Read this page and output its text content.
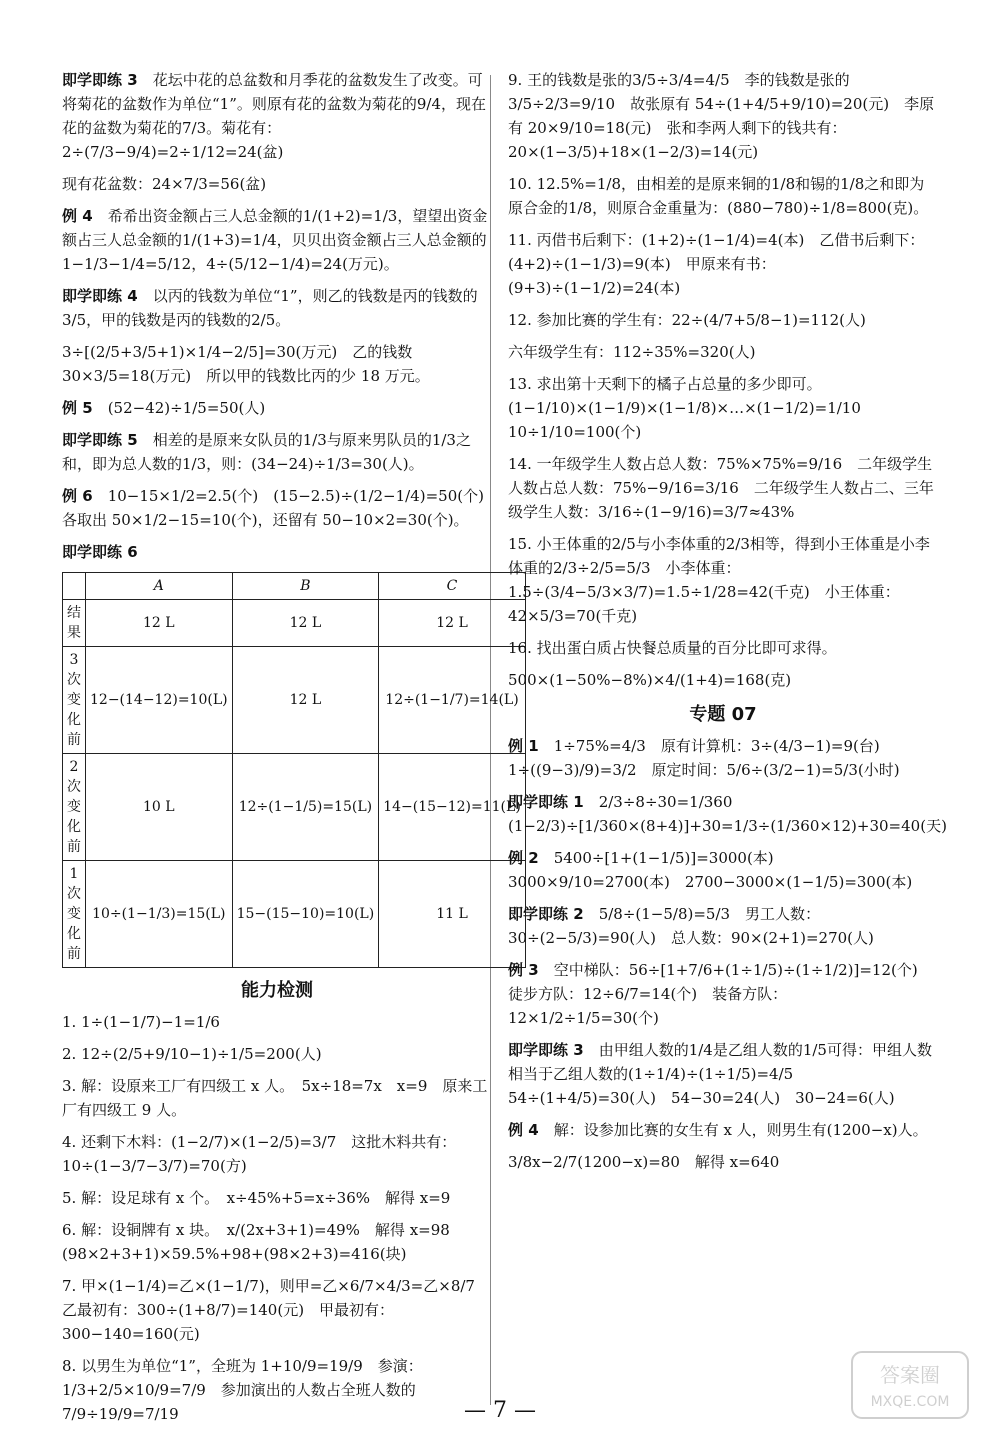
即学即练 3　 花坛中花的总盆数和月季花的盆数发生了改变。可将菊花的盆数作为单位“1”。则原有花的盆数为菊花的9/4，现在花的盆数为菊花的7/3。菊花有：2÷(7/3−9/4)=2÷1/12=24(盆)

现有花盆数：24×7/3=56(盆)

例 4　 希希出资金额占三人总金额的1/(1+2)=1/3，望望出资金额占三人总金额的1/(1+3)=1/4，贝贝出资金额占三人总金额的1−1/3−1/4=5/12，4÷(5/12−1/4)=24(万元)。

即学即练 4　 以丙的钱数为单位“1”，则乙的钱数是丙的钱数的3/5，甲的钱数是丙的钱数的2/5。

3÷[(2/5+3/5+1)×1/4−2/5]=30(万元)　乙的钱数 30×3/5=18(万元)　所以甲的钱数比丙的少 18 万元。

例 5　 (52−42)÷1/5=50(人)

即学即练 5　 相差的是原来女队员的1/3与原来男队员的1/3之和，即为总人数的1/3，则：(34−24)÷1/3=30(人)。

例 6　 10−15×1/2=2.5(个)　(15−2.5)÷(1/2−1/4)=50(个)　各取出 50×1/2−15=10(个)，还留有 50−10×2=30(个)。

即学即练 6
	A	B	C
结果	12 L	12 L	12 L
3 次变化前	12−(14−12)=10(L)	12 L	12÷(1−1/7)=14(L)
2 次变化前	10 L	12÷(1−1/5)=15(L)	14−(15−12)=11(L)
1 次变化前	10÷(1−1/3)=15(L)	15−(15−10)=10(L)	11 L
能力检测

1. 1÷(1−1/7)−1=1/6

2. 12÷(2/5+9/10−1)÷1/5=200(人)

3. 解：设原来工厂有四级工 x 人。　5x÷18=7x　x=9　原来工厂有四级工 9 人。

4. 还剩下木料：(1−2/7)×(1−2/5)=3/7　这批木料共有：10÷(1−3/7−3/7)=70(方)

5. 解：设足球有 x 个。　x÷45%+5=x÷36%　解得 x=9

6. 解：设铜牌有 x 块。　x/(2x+3+1)=49%　解得 x=98　(98×2+3+1)×59.5%+98+(98×2+3)=416(块)

7. 甲×(1−1/4)=乙×(1−1/7)，则甲=乙×6/7×4/3=乙×8/7　乙最初有：300÷(1+8/7)=140(元)　甲最初有：300−140=160(元)

8. 以男生为单位“1”，全班为 1+10/9=19/9　参演：1/3+2/5×10/9=7/9　参加演出的人数占全班人数的7/9÷19/9=7/19

9. 王的钱数是张的3/5÷3/4=4/5　李的钱数是张的3/5÷2/3=9/10　故张原有 54÷(1+4/5+9/10)=20(元)　李原有 20×9/10=18(元)　张和李两人剩下的钱共有：20×(1−3/5)+18×(1−2/3)=14(元)

10. 12.5%=1/8，由相差的是原来铜的1/8和锡的1/8之和即为原合金的1/8，则原合金重量为：(880−780)÷1/8=800(克)。

11. 丙借书后剩下：(1+2)÷(1−1/4)=4(本)　乙借书后剩下：(4+2)÷(1−1/3)=9(本)　甲原来有书：(9+3)÷(1−1/2)=24(本)

12. 参加比赛的学生有：22÷(4/7+5/8−1)=112(人)

六年级学生有：112÷35%=320(人)

13. 求出第十天剩下的橘子占总量的多少即可。(1−1/10)×(1−1/9)×(1−1/8)×…×(1−1/2)=1/10　10÷1/10=100(个)

14. 一年级学生人数占总人数：75%×75%=9/16　二年级学生人数占总人数：75%−9/16=3/16　二年级学生人数占二、三年级学生人数：3/16÷(1−9/16)=3/7≈43%

15. 小王体重的2/5与小李体重的2/3相等，得到小王体重是小李体重的2/3÷2/5=5/3　小李体重：1.5÷(3/4−5/3×3/7)=1.5÷1/28=42(千克)　小王体重：42×5/3=70(千克)

16. 找出蛋白质占快餐总质量的百分比即可求得。

500×(1−50%−8%)×4/(1+4)=168(克)

专题 07

例 1　 1÷75%=4/3　原有计算机：3÷(4/3−1)=9(台)　1÷((9−3)/9)=3/2　原定时间：5/6÷(3/2−1)=5/3(小时)

即学即练 1　 2/3÷8÷30=1/360　(1−2/3)÷[1/360×(8+4)]+30=1/3÷(1/360×12)+30=40(天)

例 2　 5400÷[1+(1−1/5)]=3000(本)　3000×9/10=2700(本)　2700−3000×(1−1/5)=300(本)

即学即练 2　 5/8÷(1−5/8)=5/3　男工人数：30÷(2−5/3)=90(人)　总人数：90×(2+1)=270(人)

例 3　 空中梯队：56÷[1+7/6+(1÷1/5)÷(1÷1/2)]=12(个)　徒步方队：12÷6/7=14(个)　装备方队：12×1/2÷1/5=30(个)

即学即练 3　 由甲组人数的1/4是乙组人数的1/5可得：甲组人数相当于乙组人数的(1÷1/4)÷(1÷1/5)=4/5　54÷(1+4/5)=30(人)　54−30=24(人)　30−24=6(人)

例 4　 解：设参加比赛的女生有 x 人，则男生有(1200−x)人。

3/8x−2/7(1200−x)=80　解得 x=640

— 7 —
答案圈
MXQE.COM
